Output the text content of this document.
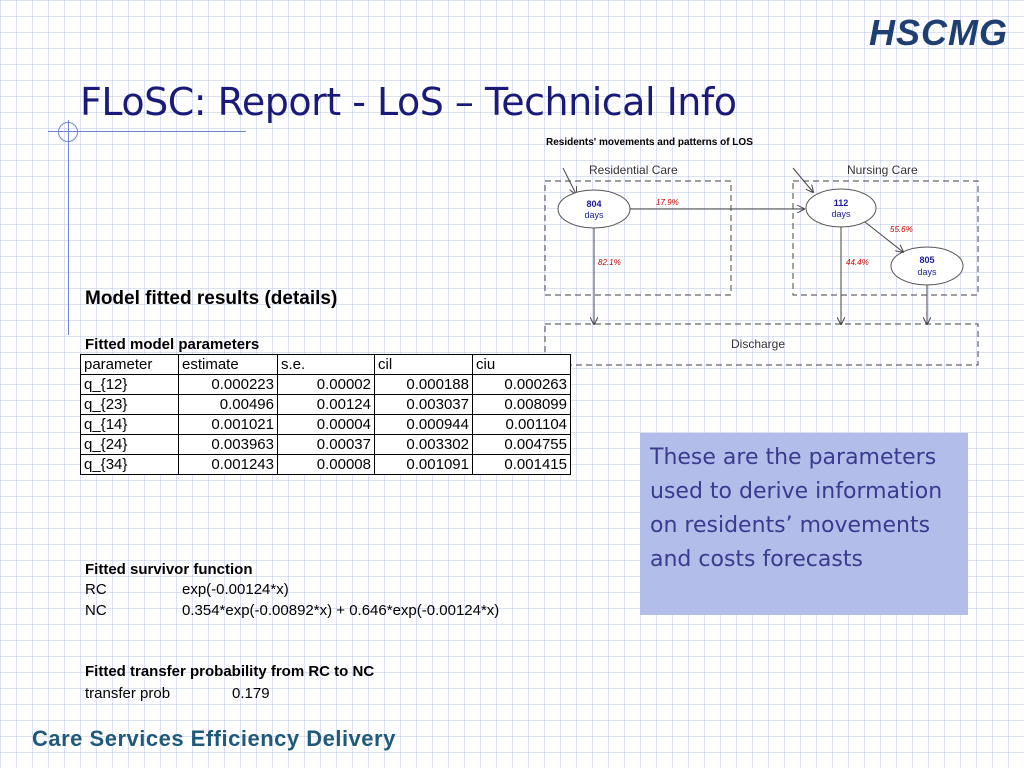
HSCMG
FLoSC: Report - LoS – Technical Info
Residents' movements and patterns of LOS
Residential Care	Nursing Care
Discharge
804
days
112
days
805
days
17.9%
82.1%	44.4%
55.6%
Model fitted results (details)
Fitted model parameters
parameter	estimate	s.e.	cil	ciu
q_{12}	0.000223	0.00002	0.000188	0.000263
q_{23}	0.00496	0.00124	0.003037	0.008099
q_{14}	0.001021	0.00004	0.000944	0.001104
q_{24}	0.003963	0.00037	0.003302	0.004755
q_{34}	0.001243	0.00008	0.001091	0.001415
Fitted survivor function
RC	exp(-0.00124*x)
NC	0.354*exp(-0.00892*x) + 0.646*exp(-0.00124*x)
Fitted transfer probability from RC to NC
transfer prob	0.179
These are the parameters used to derive information on residents’ movements and costs forecasts
Care Services Efficiency Delivery
